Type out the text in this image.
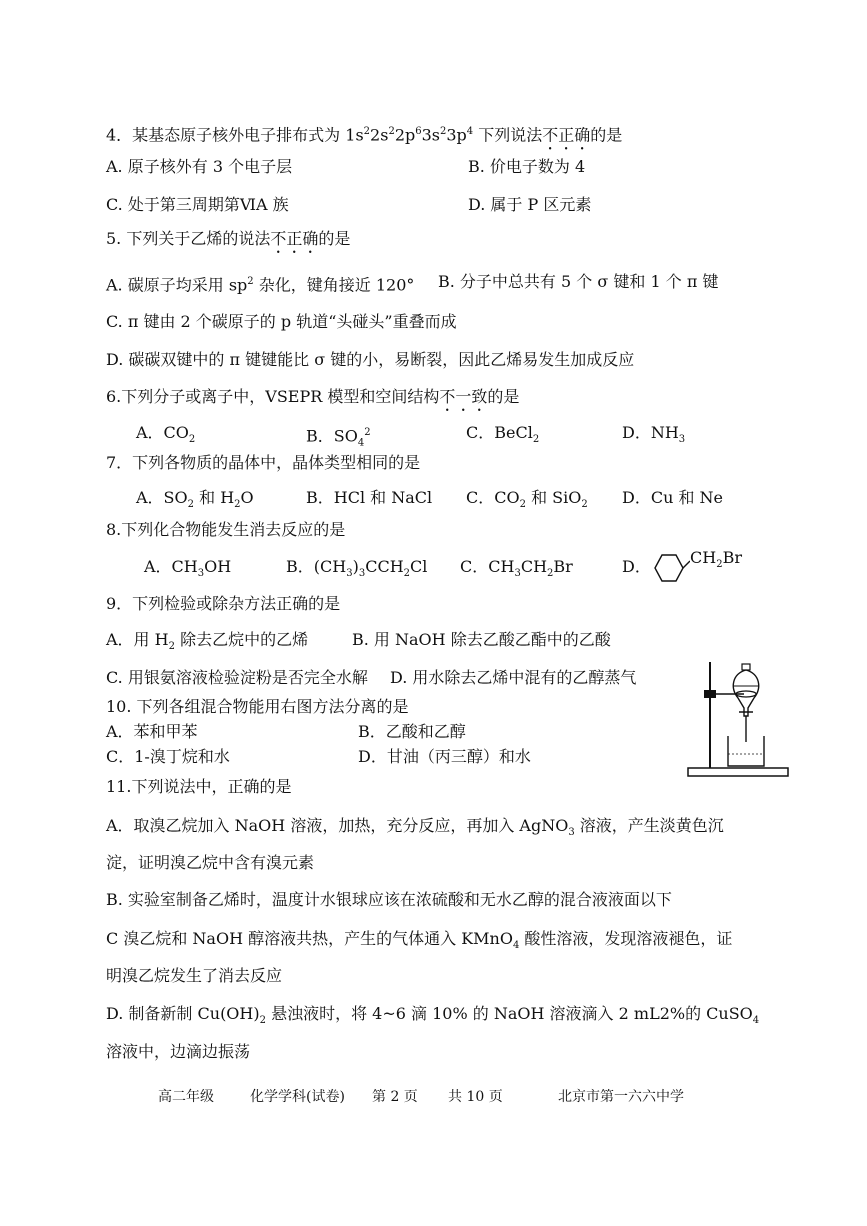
4．某基态原子核外电子排布式为 $1s^22s^22p^63s^23p^4$ 下列说法不正确的是
A. 原子核外有 3 个电子层	B. 价电子数为 4
C. 处于第三周期第ⅥA 族	D. 属于 P 区元素
5. 下列关于乙烯的说法不正确的是
A. 碳原子均采用 $sp^2$ 杂化，键角接近 120° B. 分子中总共有 5 个 σ 键和 1 个 π 键
C. π 键由 2 个碳原子的 p 轨道“头碰头”重叠而成
D. 碳碳双键中的 π 键键能比 σ 键的小，易断裂，因此乙烯易发生加成反应
6.下列分子或离子中，VSEPR 模型和空间结构不一致的是
A．$CO_2$	B．$SO_4^2$	C．BeCl$_2$	D．$NH_3$
7．下列各物质的晶体中，晶体类型相同的是
A．$SO_2$ 和 $H_2O$	B．HCl 和 NaCl C．$CO_2$ 和 SiO$_2$ D．Cu 和 Ne
8.下列化合物能发生消去反应的是
A．$CH_3OH$	B．$(CH_3)_3CCH_2Cl$ C．$CH_3CH_2Br$	D． $CH_2Br$
9．下列检验或除杂方法正确的是
A．用 $H_2$ 除去乙烷中的乙烯	B. 用 NaOH 除去乙酸乙酯中的乙酸
C. 用银氨溶液检验淀粉是否完全水解 D. 用水除去乙烯中混有的乙醇蒸气
10. 下列各组混合物能用右图方法分离的是
A．苯和甲苯	B．乙酸和乙醇
C．1-溴丁烷和水	D．甘油（丙三醇）和水
11.下列说法中，正确的是
A．取溴乙烷加入 NaOH 溶液，加热，充分反应，再加入 AgNO$_3$ 溶液，产生淡黄色沉
淀，证明溴乙烷中含有溴元素
B. 实验室制备乙烯时，温度计水银球应该在浓硫酸和无水乙醇的混合液液面以下
C 溴乙烷和 NaOH 醇溶液共热，产生的气体通入 KMnO$_4$ 酸性溶液，发现溶液褪色，证
明溴乙烷发生了消去反应
D. 制备新制 $Cu(OH)_2$ 悬浊液时，将 4~6 滴 10% 的 NaOH 溶液滴入 2 mL2%的 CuSO$_4$
溶液中，边滴边振荡
高二年级	化学学科(试卷) 第 2 页 共 10 页	北京市第一六六中学
